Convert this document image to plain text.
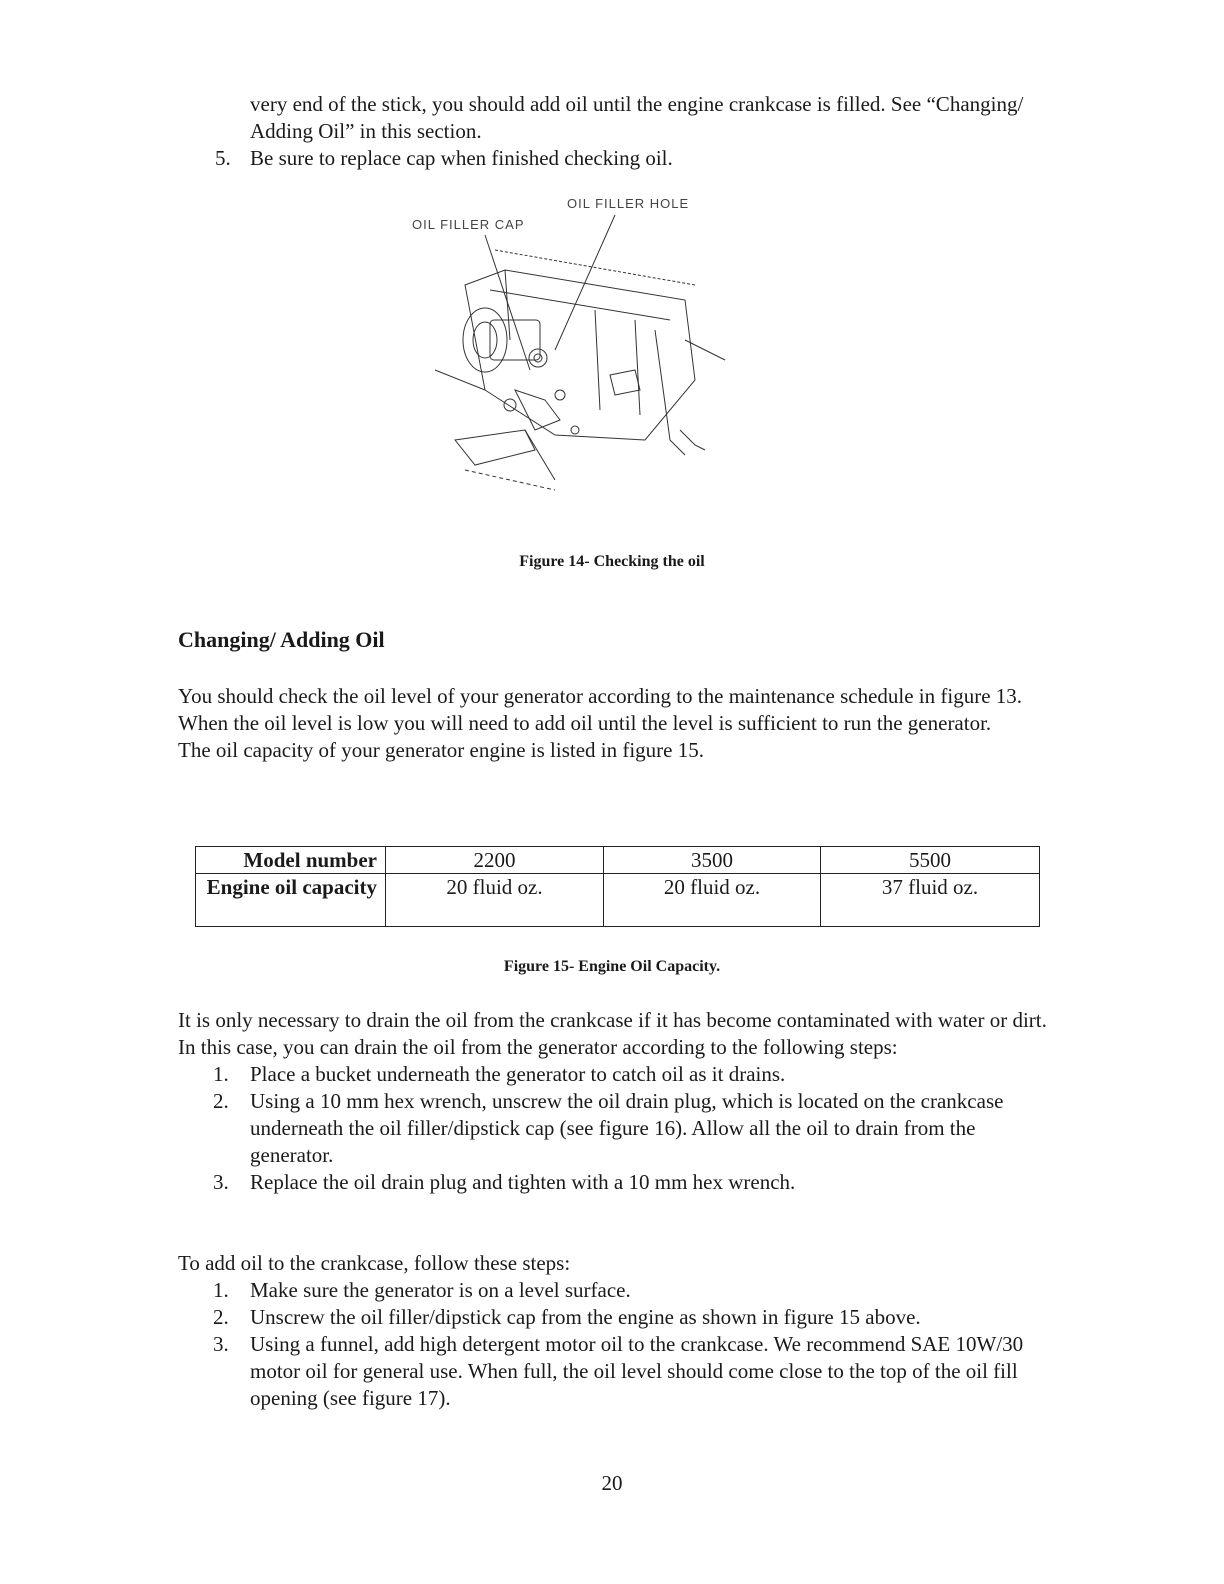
very end of the stick, you should add oil until the engine crankcase is filled. See “Changing/ Adding Oil” in this section.
5. Be sure to replace cap when finished checking oil.
OIL FILLER HOLE
OIL FILLER CAP
Figure 14- Checking the oil
Changing/ Adding Oil

You should check the oil level of your generator according to the maintenance schedule in figure 13. When the oil level is low you will need to add oil until the level is sufficient to run the generator.

The oil capacity of your generator engine is listed in figure 15.

Model number	2200	3500	5500
Engine oil capacity	20 fluid oz.	20 fluid oz.	37 fluid oz.
Figure 15- Engine Oil Capacity.

It is only necessary to drain the oil from the crankcase if it has become contaminated with water or dirt. In this case, you can drain the oil from the generator according to the following steps:

1. Place a bucket underneath the generator to catch oil as it drains.
2. Using a 10 mm hex wrench, unscrew the oil drain plug, which is located on the crankcase underneath the oil filler/dipstick cap (see figure 16). Allow all the oil to drain from the generator.
3. Replace the oil drain plug and tighten with a 10 mm hex wrench.

To add oil to the crankcase, follow these steps:

1. Make sure the generator is on a level surface.
2. Unscrew the oil filler/dipstick cap from the engine as shown in figure 15 above.
3. Using a funnel, add high detergent motor oil to the crankcase. We recommend SAE 10W/30 motor oil for general use. When full, the oil level should come close to the top of the oil fill opening (see figure 17).
20
